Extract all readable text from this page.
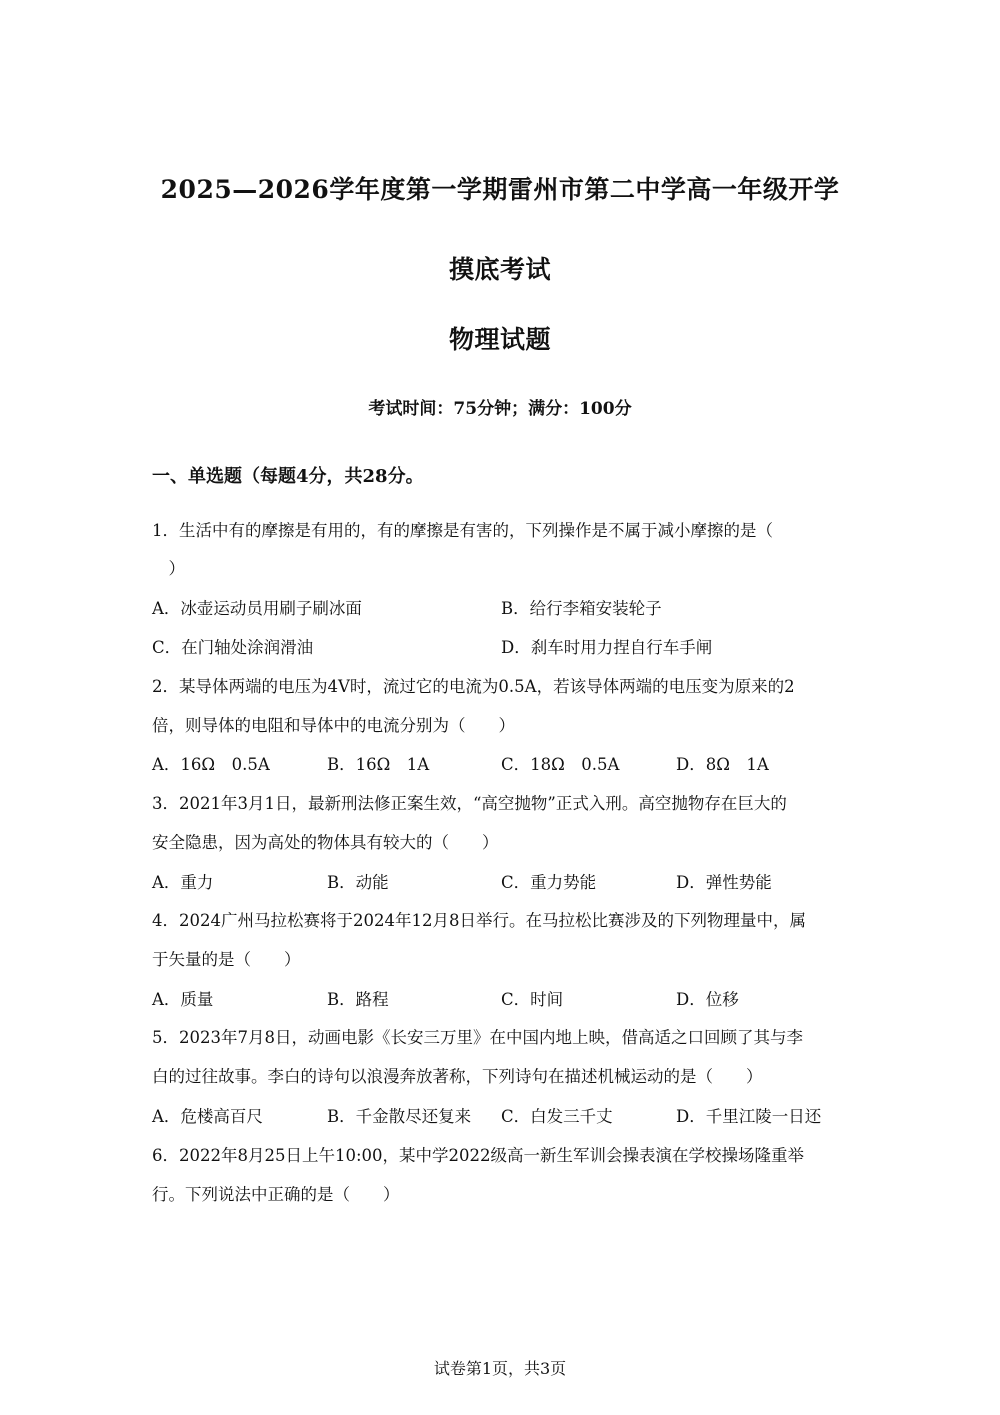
2025—2026学年度第一学期雷州市第二中学高一年级开学
摸底考试
物理试题
考试时间：75分钟；满分：100分
一、单选题（每题4分，共28分。
1．生活中有的摩擦是有用的，有的摩擦是有害的，下列操作是不属于减小摩擦的是（
　）
A．冰壶运动员用刷子刷冰面	B．给行李箱安装轮子
C．在门轴处涂润滑油	D．刹车时用力捏自行车手闸
2．某导体两端的电压为4V时，流过它的电流为0.5A，若该导体两端的电压变为原来的2
倍，则导体的电阻和导体中的电流分别为（　　）
A．16Ω　0.5A	B．16Ω　1A	C．18Ω　0.5A	D．8Ω　1A
3．2021年3月1日，最新刑法修正案生效，“高空抛物”正式入刑。高空抛物存在巨大的
安全隐患，因为高处的物体具有较大的（　　）
A．重力	B．动能	C．重力势能	D．弹性势能
4．2024广州马拉松赛将于2024年12月8日举行。在马拉松比赛涉及的下列物理量中，属
于矢量的是（　　）
A．质量	B．路程	C．时间	D．位移
5．2023年7月8日，动画电影《长安三万里》在中国内地上映，借高适之口回顾了其与李
白的过往故事。李白的诗句以浪漫奔放著称，下列诗句在描述机械运动的是（　　）
A．危楼高百尺	B．千金散尽还复来 C．白发三千丈	D．千里江陵一日还
6．2022年8月25日上午10:00，某中学2022级高一新生军训会操表演在学校操场隆重举
行。下列说法中正确的是（　　）
试卷第1页，共3页
